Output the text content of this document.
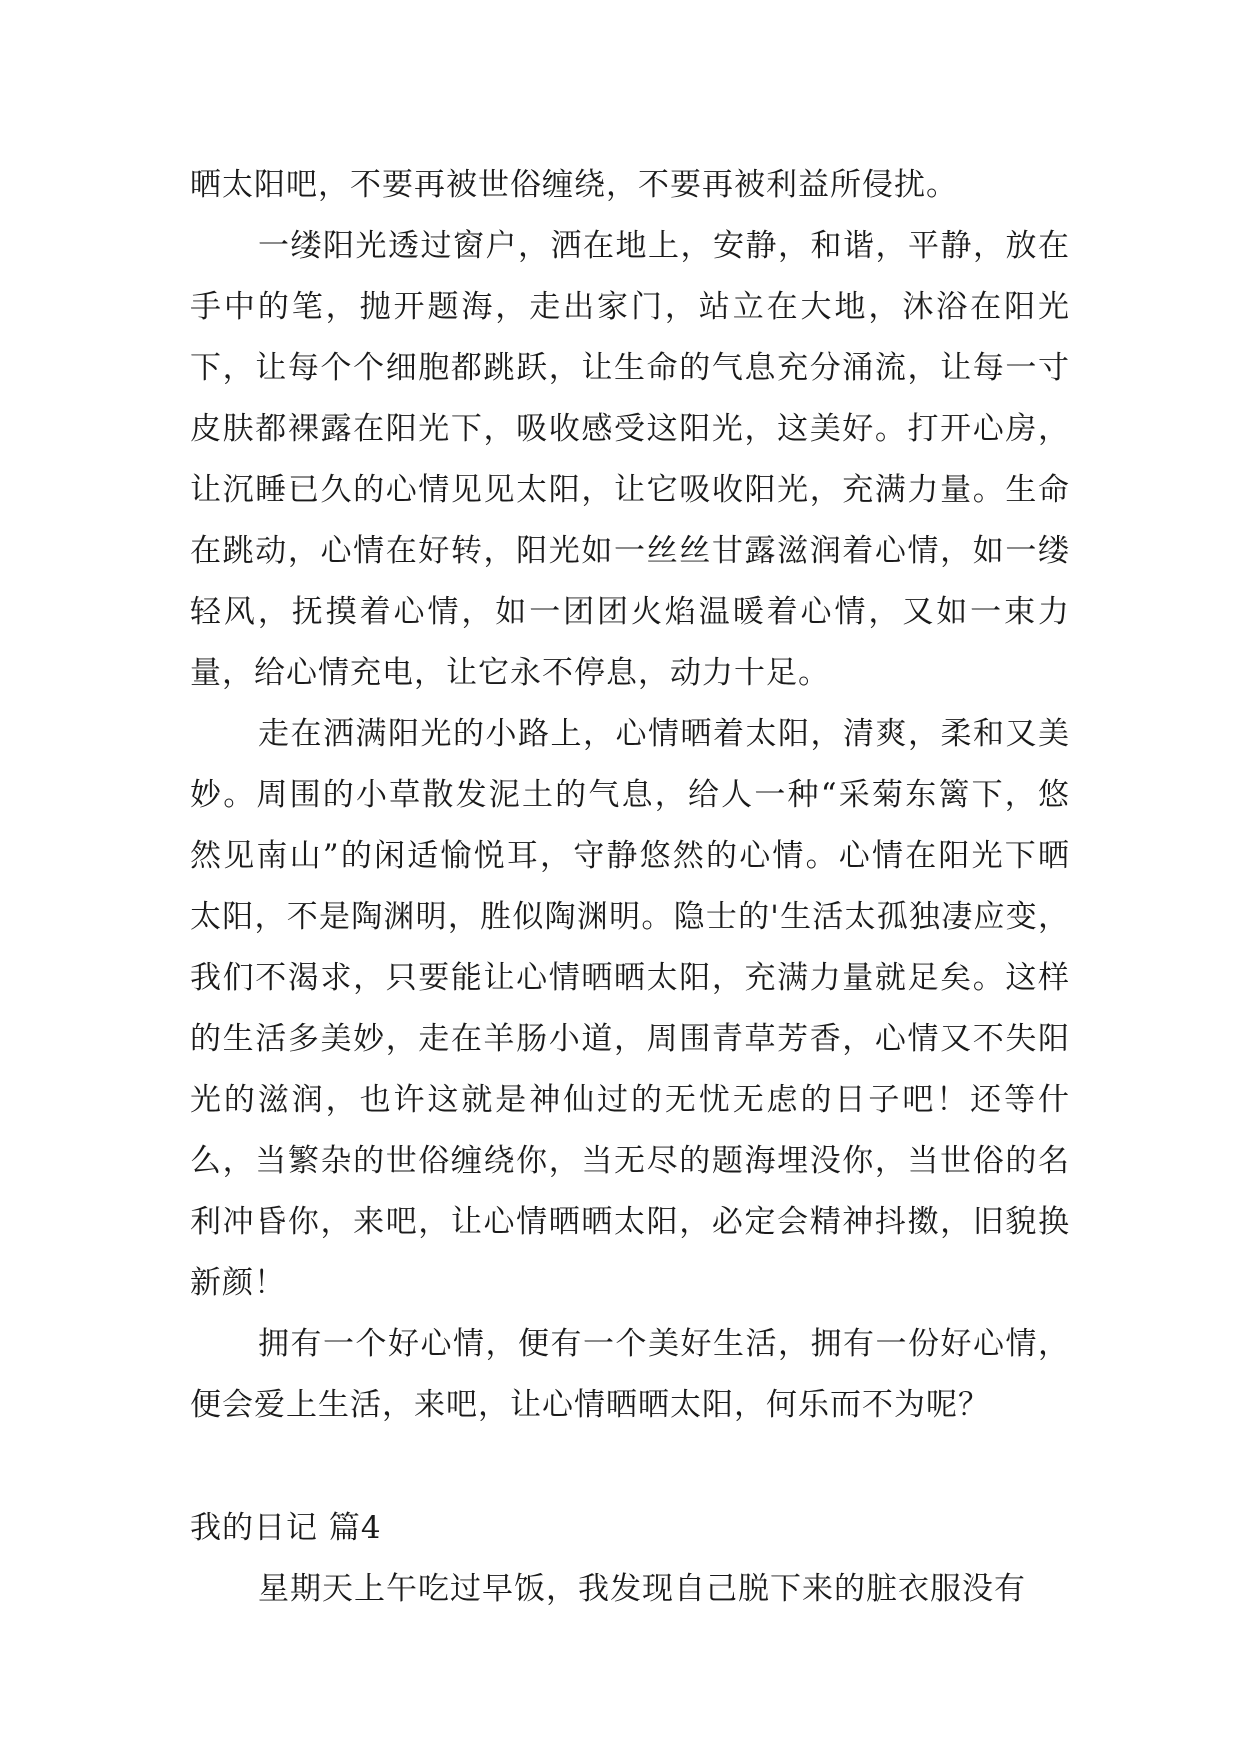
晒太阳吧，不要再被世俗缠绕，不要再被利益所侵扰。

一缕阳光透过窗户，洒在地上，安静，和谐，平静，放在手中的笔，抛开题海，走出家门，站立在大地，沐浴在阳光下，让每个个细胞都跳跃，让生命的气息充分涌流，让每一寸皮肤都裸露在阳光下，吸收感受这阳光，这美好。打开心房，让沉睡已久的心情见见太阳，让它吸收阳光，充满力量。生命在跳动，心情在好转，阳光如一丝丝甘露滋润着心情，如一缕轻风，抚摸着心情，如一团团火焰温暖着心情，又如一束力量，给心情充电，让它永不停息，动力十足。

走在洒满阳光的小路上，心情晒着太阳，清爽，柔和又美妙。周围的小草散发泥土的气息，给人一种“采菊东篱下，悠然见南山”的闲适愉悦耳，守静悠然的心情。心情在阳光下晒太阳，不是陶渊明，胜似陶渊明。隐士的'生活太孤独凄应变，我们不渴求，只要能让心情晒晒太阳，充满力量就足矣。这样的生活多美妙，走在羊肠小道，周围青草芳香，心情又不失阳光的滋润，也许这就是神仙过的无忧无虑的日子吧！还等什么，当繁杂的世俗缠绕你，当无尽的题海埋没你，当世俗的名利冲昏你，来吧，让心情晒晒太阳，必定会精神抖擞，旧貌换新颜！

拥有一个好心情，便有一个美好生活，拥有一份好心情，便会爱上生活，来吧，让心情晒晒太阳，何乐而不为呢？

我的日记 篇4

星期天上午吃过早饭，我发现自己脱下来的脏衣服没有
